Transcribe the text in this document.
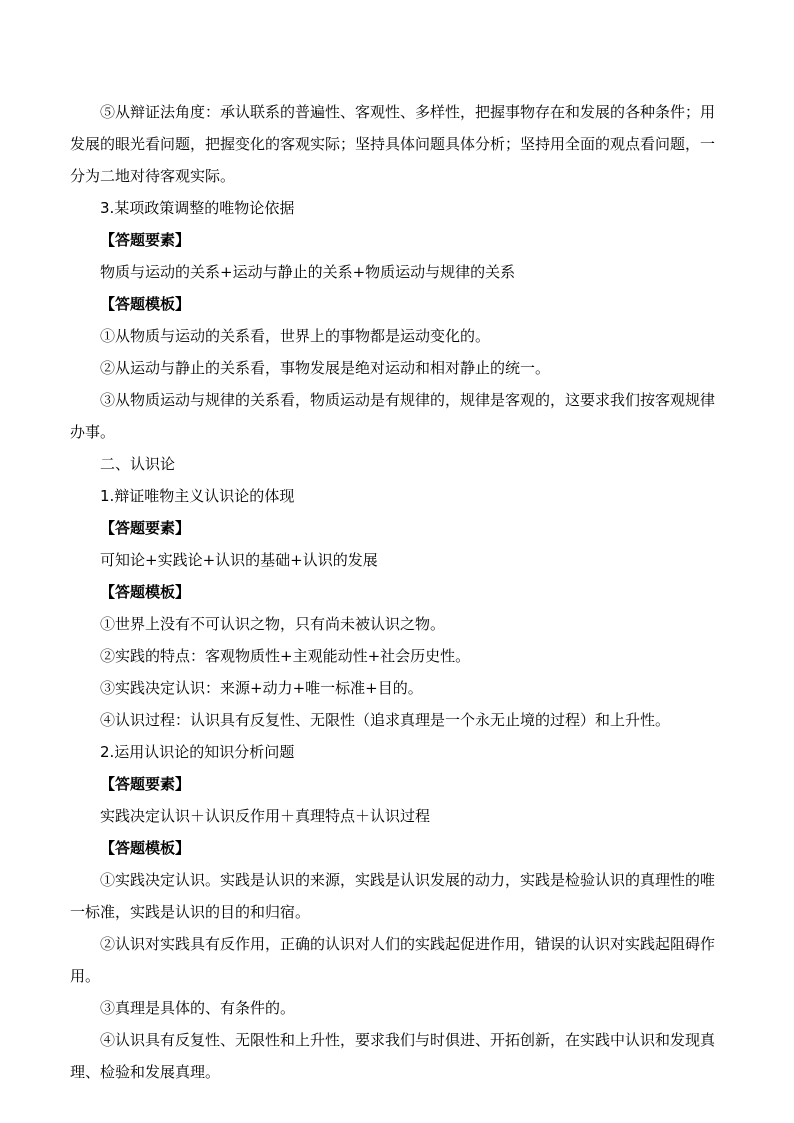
⑤从辩证法角度：承认联系的普遍性、客观性、多样性，把握事物存在和发展的各种条件；用发展的眼光看问题，把握变化的客观实际；坚持具体问题具体分析；坚持用全面的观点看问题，一分为二地对待客观实际。

3.某项政策调整的唯物论依据

【答题要素】

物质与运动的关系+运动与静止的关系+物质运动与规律的关系

【答题模板】

①从物质与运动的关系看，世界上的事物都是运动变化的。

②从运动与静止的关系看，事物发展是绝对运动和相对静止的统一。

③从物质运动与规律的关系看，物质运动是有规律的，规律是客观的，这要求我们按客观规律办事。

二、认识论

1.辩证唯物主义认识论的体现

【答题要素】

可知论+实践论+认识的基础+认识的发展

【答题模板】

①世界上没有不可认识之物，只有尚未被认识之物。

②实践的特点：客观物质性+主观能动性+社会历史性。

③实践决定认识：来源+动力+唯一标准+目的。

④认识过程：认识具有反复性、无限性（追求真理是一个永无止境的过程）和上升性。

2.运用认识论的知识分析问题

【答题要素】

实践决定认识＋认识反作用＋真理特点＋认识过程

【答题模板】

①实践决定认识。实践是认识的来源，实践是认识发展的动力，实践是检验认识的真理性的唯一标准，实践是认识的目的和归宿。

②认识对实践具有反作用，正确的认识对人们的实践起促进作用，错误的认识对实践起阻碍作用。

③真理是具体的、有条件的。

④认识具有反复性、无限性和上升性，要求我们与时俱进、开拓创新，在实践中认识和发现真理、检验和发展真理。
